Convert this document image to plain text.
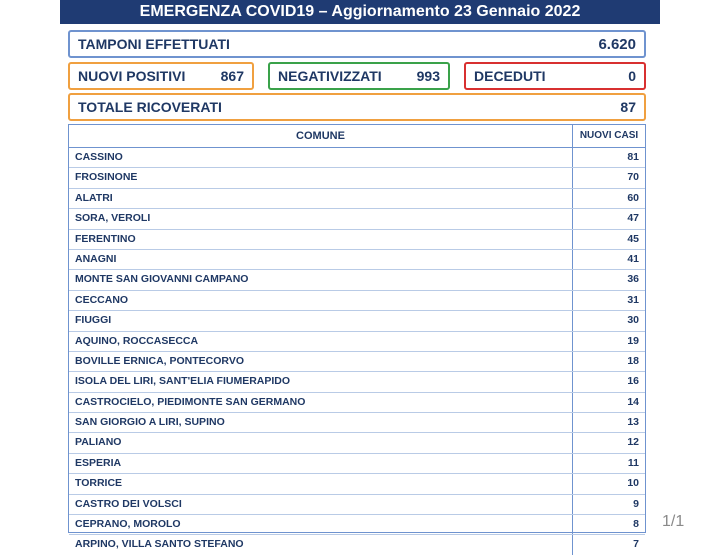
EMERGENZA COVID19 – Aggiornamento 23 Gennaio 2022
TAMPONI EFFETTUATI	6.620
NUOVI POSITIVI	867 NEGATIVIZZATI 993 DECEDUTI	0
TOTALE RICOVERATI	87
COMUNE	NUOVI CASI
CASSINO	81
FROSINONE	70
ALATRI	60
SORA, VEROLI	47
FERENTINO	45
ANAGNI	41
MONTE SAN GIOVANNI CAMPANO	36
CECCANO	31
FIUGGI	30
AQUINO, ROCCASECCA	19
BOVILLE ERNICA, PONTECORVO	18
ISOLA DEL LIRI, SANT'ELIA FIUMERAPIDO	16
CASTROCIELO, PIEDIMONTE SAN GERMANO	14
SAN GIORGIO A LIRI, SUPINO	13
PALIANO	12
ESPERIA	11
TORRICE	10
CASTRO DEI VOLSCI	9
CEPRANO, MOROLO	8
ARPINO, VILLA SANTO STEFANO	7
1/1
